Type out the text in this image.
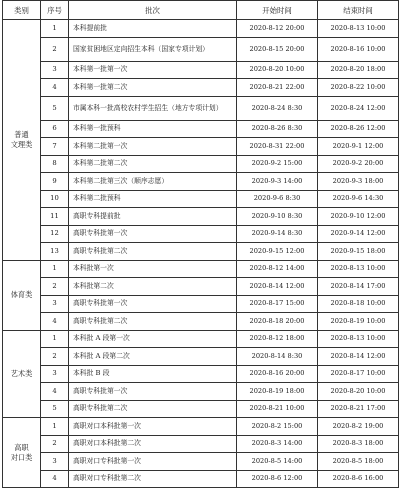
类别	序号	批次	开始时间	结束时间
普通
文理类	1	本科提前批	2020-8-12 20:00	2020-8-13 10:00
	2	国家贫困地区定向招生本科（国家专项计划）	2020-8-15 20:00	2020-8-16 10:00
	3	本科第一批第一次	2020-8-20 10:00	2020-8-20 18:00
	4	本科第一批第二次	2020-8-21 22:00	2020-8-22 10:00
	5	市属本科一批高校农村学生招生（地方专项计划）	2020-8-24 8:30	2020-8-24 12:00
	6	本科第一批预科	2020-8-26 8:30	2020-8-26 12:00
	7	本科第二批第一次	2020-8-31 22:00	2020-9-1 12:00
	8	本科第二批第二次	2020-9-2 15:00	2020-9-2 20:00
	9	本科第二批第三次（顺序志愿）	2020-9-3 14:00	2020-9-3 18:00
	10	本科第二批预科	2020-9-6 8:30	2020-9-6 14:30
	11	高职专科提前批	2020-9-10 8:30	2020-9-10 12:00
	12	高职专科批第一次	2020-9-14 8:30	2020-9-14 12:00
	13	高职专科批第二次	2020-9-15 12:00	2020-9-15 18:00
体育类	1	本科批第一次	2020-8-12 14:00	2020-8-13 10:00
	2	本科批第二次	2020-8-14 12:00	2020-8-14 17:00
	3	高职专科批第一次	2020-8-17 15:00	2020-8-18 10:00
	4	高职专科批第二次	2020-8-18 20:00	2020-8-19 10:00
艺术类	1	本科批 A 段第一次	2020-8-12 18:00	2020-8-13 10:00
	2	本科批 A 段第二次	2020-8-14 8:30	2020-8-14 12:00
	3	本科批 B 段	2020-8-16 20:00	2020-8-17 10:00
	4	高职专科批第一次	2020-8-19 18:00	2020-8-20 10:00
	5	高职专科批第二次	2020-8-21 10:00	2020-8-21 17:00
高职
对口类	1	高职对口本科批第一次	2020-8-2 15:00	2020-8-2 19:00
	2	高职对口本科批第二次	2020-8-3 14:00	2020-8-3 18:00
	3	高职对口专科批第一次	2020-8-5 14:00	2020-8-5 18:00
	4	高职对口专科批第二次	2020-8-6 12:00	2020-8-6 16:00
